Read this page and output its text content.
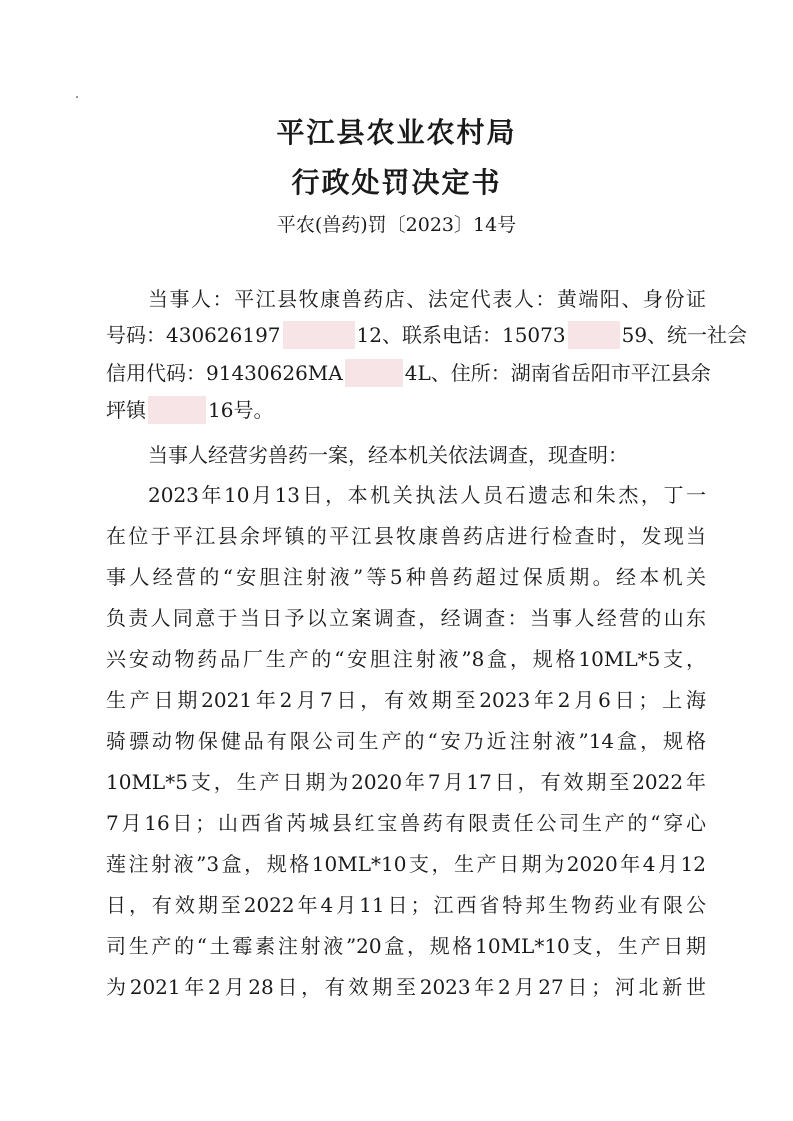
平江县农业农村局
行政处罚决定书
平农(兽药)罚〔2023〕14号
当事人：平江县牧康兽药店、法定代表人：黄端阳、身份证
号码：430626197	12、联系电话：15073	59、统一社会
信用代码：91430626MA	4L、住所：湖南省岳阳市平江县余
坪镇	16号。
当事人经营劣兽药一案，经本机关依法调查，现查明：
2023年10月13日，本机关执法人员石遗志和朱杰，丁一
在位于平江县余坪镇的平江县牧康兽药店进行检查时，发现当
事人经营的“安胆注射液”等5种兽药超过保质期。经本机关
负责人同意于当日予以立案调查，经调查：当事人经营的山东
兴安动物药品厂生产的“安胆注射液”8盒，规格10ML*5支，
生产日期2021年2月7日，有效期至2023年2月6日；上海
骑骠动物保健品有限公司生产的“安乃近注射液”14盒，规格
10ML*5支，生产日期为2020年7月17日，有效期至2022年
7月16日；山西省芮城县红宝兽药有限责任公司生产的“穿心
莲注射液”3盒，规格10ML*10支，生产日期为2020年4月12
日，有效期至2022年4月11日；江西省特邦生物药业有限公
司生产的“土霉素注射液”20盒，规格10ML*10支，生产日期
为2021年2月28日，有效期至2023年2月27日；河北新世
